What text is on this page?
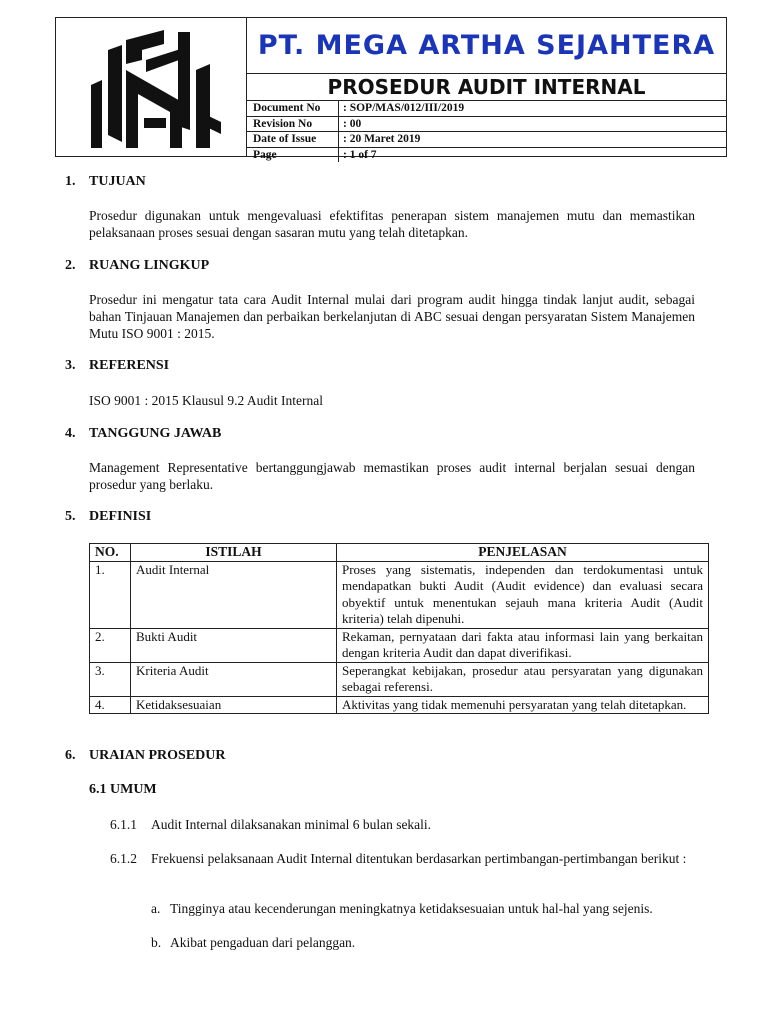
PT. MEGA ARTHA SEJAHTERA
PROSEDUR AUDIT INTERNAL
Document No	: SOP/MAS/012/III/2019
Revision No	: 00
Date of Issue	: 20 Maret 2019
Page	: 1 of 7
1. TUJUAN
Prosedur digunakan untuk mengevaluasi efektifitas penerapan sistem manajemen mutu dan memastikan pelaksanaan proses sesuai dengan sasaran mutu yang telah ditetapkan.
2. RUANG LINGKUP
Prosedur ini mengatur tata cara Audit Internal mulai dari program audit hingga tindak lanjut audit, sebagai bahan Tinjauan Manajemen dan perbaikan berkelanjutan di ABC sesuai dengan persyaratan Sistem Manajemen Mutu ISO 9001 : 2015.
3. REFERENSI
ISO 9001 : 2015 Klausul 9.2 Audit Internal
4. TANGGUNG JAWAB
Management Representative bertanggungjawab memastikan proses audit internal berjalan sesuai dengan prosedur yang berlaku.
5. DEFINISI
NO.	ISTILAH	PENJELASAN
1.	Audit Internal	Proses yang sistematis, independen dan terdokumentasi untuk mendapatkan bukti Audit (Audit evidence) dan evaluasi secara obyektif untuk menentukan sejauh mana kriteria Audit (Audit kriteria) telah dipenuhi.
2.	Bukti Audit	Rekaman, pernyataan dari fakta atau informasi lain yang berkaitan dengan kriteria Audit dan dapat diverifikasi.
3.	Kriteria Audit	Seperangkat kebijakan, prosedur atau persyaratan yang digunakan sebagai referensi.
4.	Ketidaksesuaian	Aktivitas yang tidak memenuhi persyaratan yang telah ditetapkan.
6. URAIAN PROSEDUR
6.1 UMUM
6.1.1	Audit Internal dilaksanakan minimal 6 bulan sekali.
6.1.2	Frekuensi pelaksanaan Audit Internal ditentukan berdasarkan pertimbangan-pertimbangan berikut :
a. Tingginya atau kecenderungan meningkatnya ketidaksesuaian untuk hal-hal yang sejenis.
b. Akibat pengaduan dari pelanggan.
